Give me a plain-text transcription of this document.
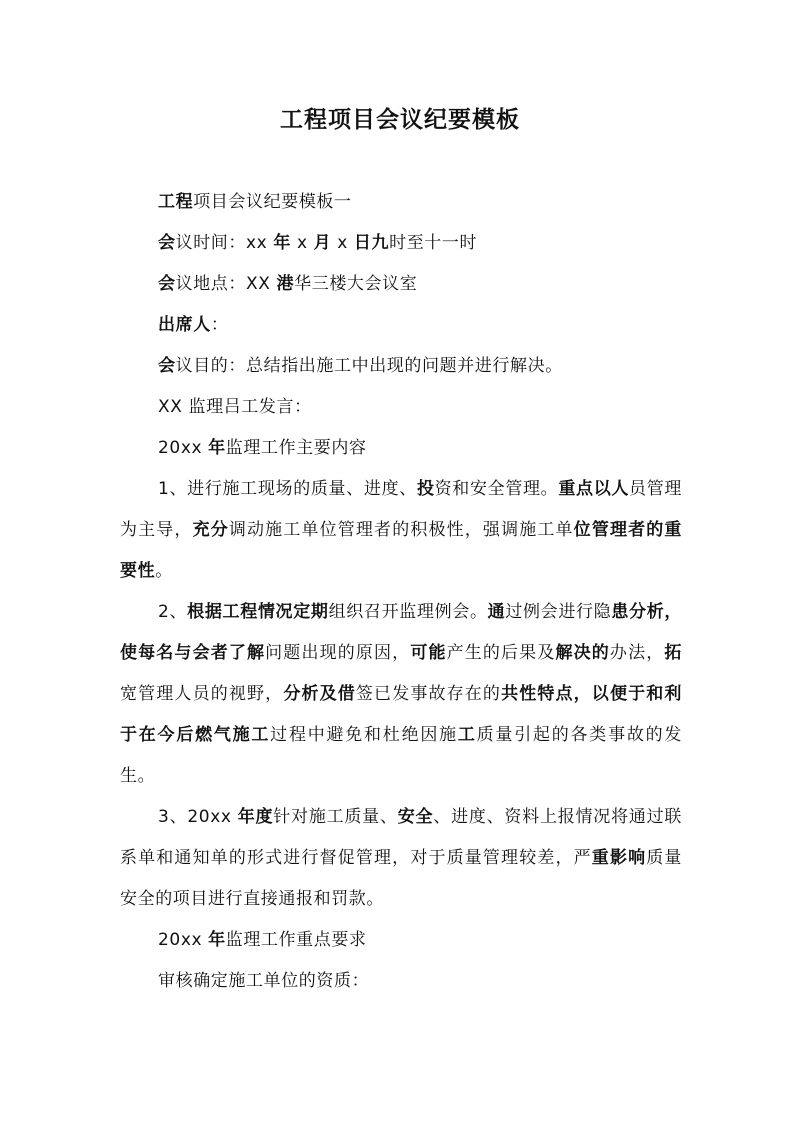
工程项目会议纪要模板

工程项目会议纪要模板一

会议时间：xx 年 x 月 x 日九时至十一时

会议地点：XX 港华三楼大会议室

出席人：

会议目的：总结指出施工中出现的问题并进行解决。

XX 监理吕工发言：

20xx 年监理工作主要内容

1、进行施工现场的质量、进度、投资和安全管理。重点以人员管理为主导，充分调动施工单位管理者的积极性，强调施工单位管理者的重要性。

2、根据工程情况定期组织召开监理例会。通过例会进行隐患分析，使每名与会者了解问题出现的原因，可能产生的后果及解决的办法，拓宽管理人员的视野，分析及借签已发事故存在的共性特点，以便于和利于在今后燃气施工过程中避免和杜绝因施工质量引起的各类事故的发生。

3、20xx 年度针对施工质量、安全、进度、资料上报情况将通过联系单和通知单的形式进行督促管理，对于质量管理较差，严重影响质量安全的项目进行直接通报和罚款。

20xx 年监理工作重点要求

审核确定施工单位的资质：
